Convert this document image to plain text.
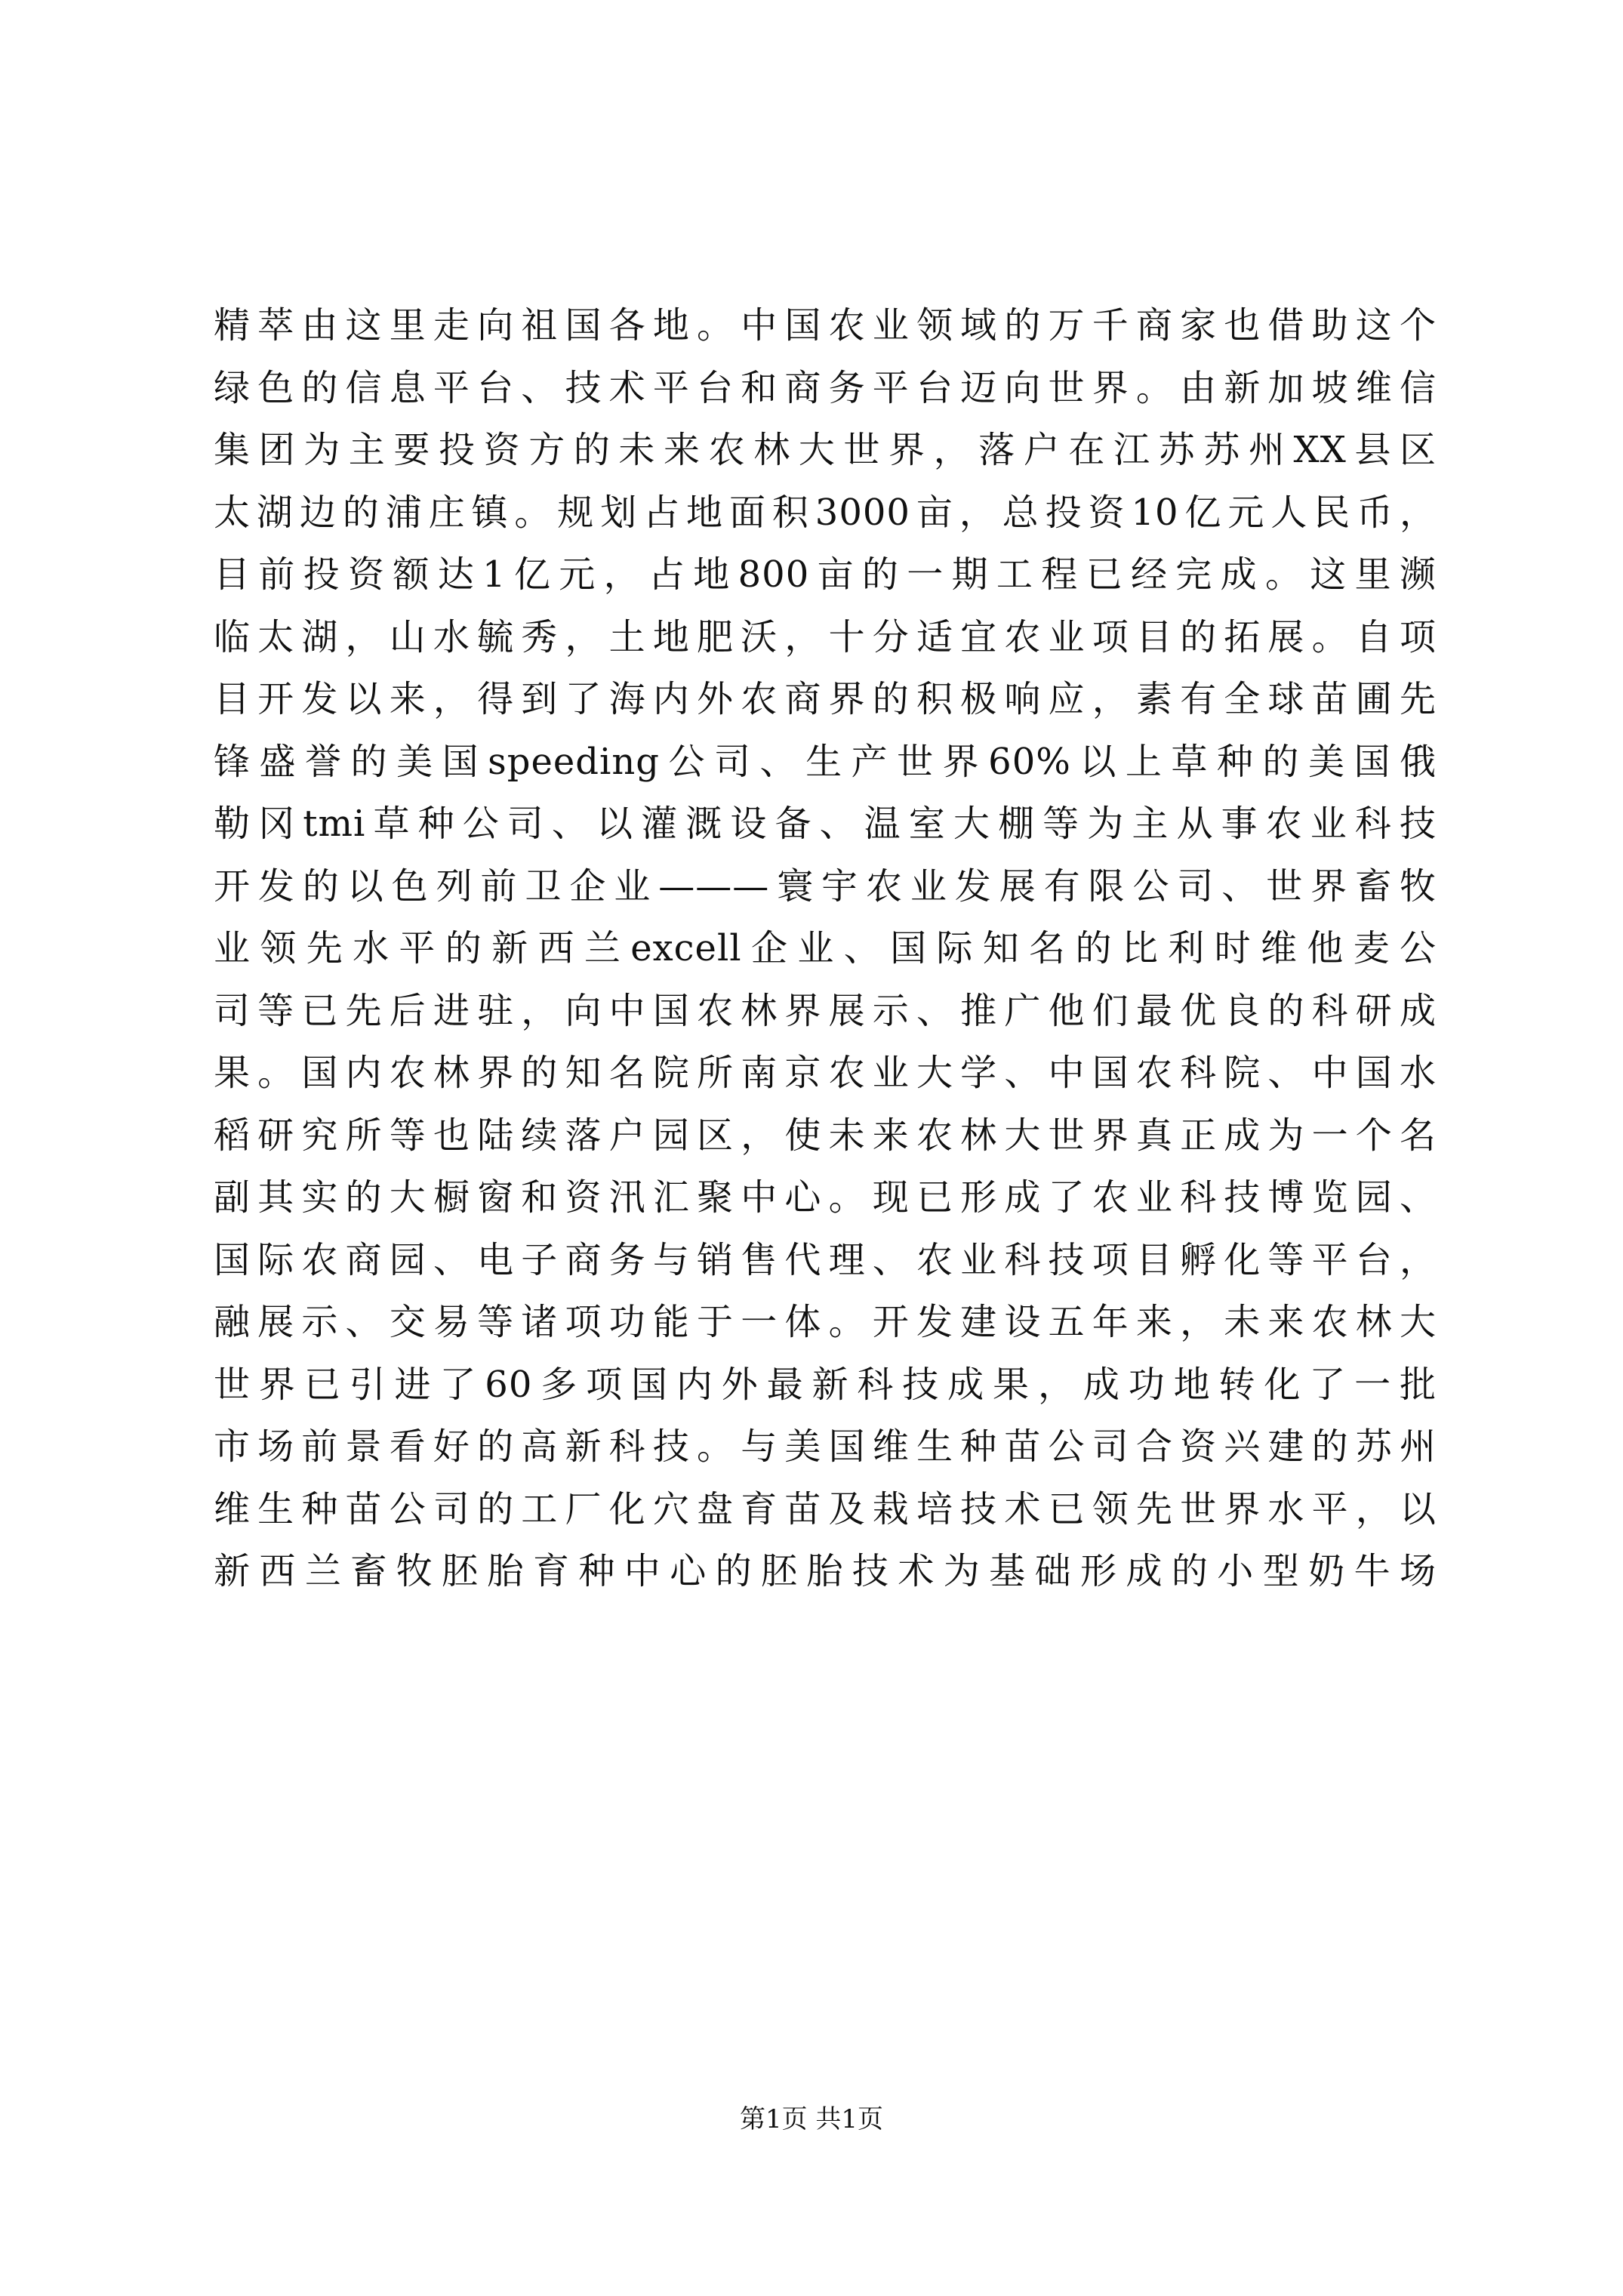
精萃由这里走向祖国各地。中国农业领域的万千商家也借助这个
绿色的信息平台、技术平台和商务平台迈向世界。由新加坡维信
集团为主要投资方的未来农林大世界，落户在江苏苏州XX县区
太湖边的浦庄镇。规划占地面积3000亩，总投资10亿元人民币，
目前投资额达1亿元，占地800亩的一期工程已经完成。这里濒
临太湖，山水毓秀，土地肥沃，十分适宜农业项目的拓展。自项
目开发以来，得到了海内外农商界的积极响应，素有全球苗圃先
锋盛誉的美国speeding公司、生产世界60%以上草种的美国俄
勒冈tmi草种公司、以灌溉设备、温室大棚等为主从事农业科技
开发的以色列前卫企业———寰宇农业发展有限公司、世界畜牧
业领先水平的新西兰excell企业、国际知名的比利时维他麦公
司等已先后进驻，向中国农林界展示、推广他们最优良的科研成
果。国内农林界的知名院所南京农业大学、中国农科院、中国水
稻研究所等也陆续落户园区，使未来农林大世界真正成为一个名
副其实的大橱窗和资汛汇聚中心。现已形成了农业科技博览园、
国际农商园、电子商务与销售代理、农业科技项目孵化等平台，
融展示、交易等诸项功能于一体。开发建设五年来，未来农林大
世界已引进了60多项国内外最新科技成果，成功地转化了一批
市场前景看好的高新科技。与美国维生种苗公司合资兴建的苏州
维生种苗公司的工厂化穴盘育苗及栽培技术已领先世界水平，以
新西兰畜牧胚胎育种中心的胚胎技术为基础形成的小型奶牛场
第1页 共1页
